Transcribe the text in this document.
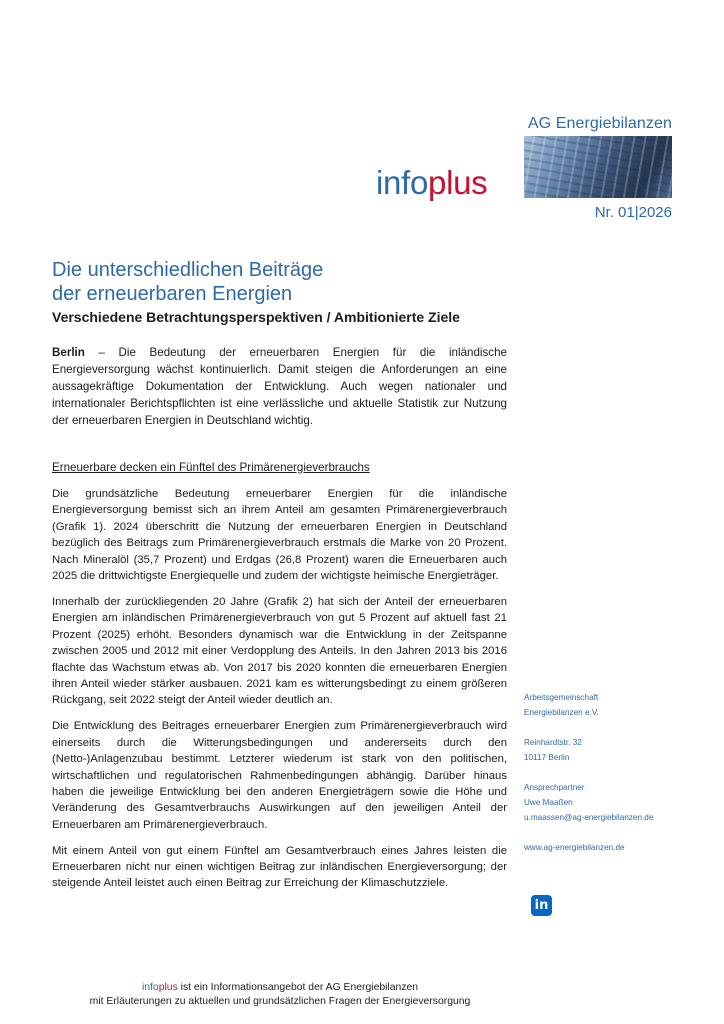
AG Energiebilanzen
infoplus
Nr. 01|2026
Die unterschiedlichen Beiträge
der erneuerbaren Energien
Verschiedene Betrachtungsperspektiven / Ambitionierte Ziele

Berlin – Die Bedeutung der erneuerbaren Energien für die inländische Energieversorgung wächst kontinuierlich. Damit steigen die Anforderungen an eine aussagekräftige Dokumentation der Entwicklung. Auch wegen nationaler und internationaler Berichtspflichten ist eine verlässliche und aktuelle Statistik zur Nutzung der erneuerbaren Energien in Deutschland wichtig.

Erneuerbare decken ein Fünftel des Primärenergieverbrauchs

Die grundsätzliche Bedeutung erneuerbarer Energien für die inländische Energieversorgung bemisst sich an ihrem Anteil am gesamten Primärenergieverbrauch (Grafik 1). 2024 überschritt die Nutzung der erneuerbaren Energien in Deutschland bezüglich des Beitrags zum Primärenergieverbrauch erstmals die Marke von 20 Prozent. Nach Mineralöl (35,7 Prozent) und Erdgas (26,8 Prozent) waren die Erneuerbaren auch 2025 die drittwichtigste Energiequelle und zudem der wichtigste heimische Energieträger.

Innerhalb der zurückliegenden 20 Jahre (Grafik 2) hat sich der Anteil der erneuerbaren Energien am inländischen Primärenergieverbrauch von gut 5 Prozent auf aktuell fast 21 Prozent (2025) erhöht. Besonders dynamisch war die Entwicklung in der Zeitspanne zwischen 2005 und 2012 mit einer Verdopplung des Anteils. In den Jahren 2013 bis 2016 flachte das Wachstum etwas ab. Von 2017 bis 2020 konnten die erneuerbaren Energien ihren Anteil wieder stärker ausbauen. 2021 kam es witterungsbedingt zu einem größeren Rückgang, seit 2022 steigt der Anteil wieder deutlich an.

Die Entwicklung des Beitrages erneuerbarer Energien zum Primärenergieverbrauch wird einerseits durch die Witterungsbedingungen und andererseits durch den (Netto-)Anlagenzubau bestimmt. Letzterer wiederum ist stark von den politischen, wirtschaftlichen und regulatorischen Rahmenbedingungen abhängig. Darüber hinaus haben die jeweilige Entwicklung bei den anderen Energieträgern sowie die Höhe und Veränderung des Gesamtverbrauchs Auswirkungen auf den jeweiligen Anteil der Erneuerbaren am Primärenergieverbrauch.

Mit einem Anteil von gut einem Fünftel am Gesamtverbrauch eines Jahres leisten die Erneuerbaren nicht nur einen wichtigen Beitrag zur inländischen Energieversorgung; der steigende Anteil leistet auch einen Beitrag zur Erreichung der Klimaschutzziele.

Arbeitsgemeinschaft
Energiebilanzen e.V.
Reinhardtstr. 32
10117 Berlin
Ansprechpartner
Uwe Maaßen
u.maassen@ag-energiebilanzen.de
www.ag-energiebilanzen.de
in
infoplus ist ein Informationsangebot der AG Energiebilanzen
mit Erläuterungen zu aktuellen und grundsätzlichen Fragen der Energieversorgung
